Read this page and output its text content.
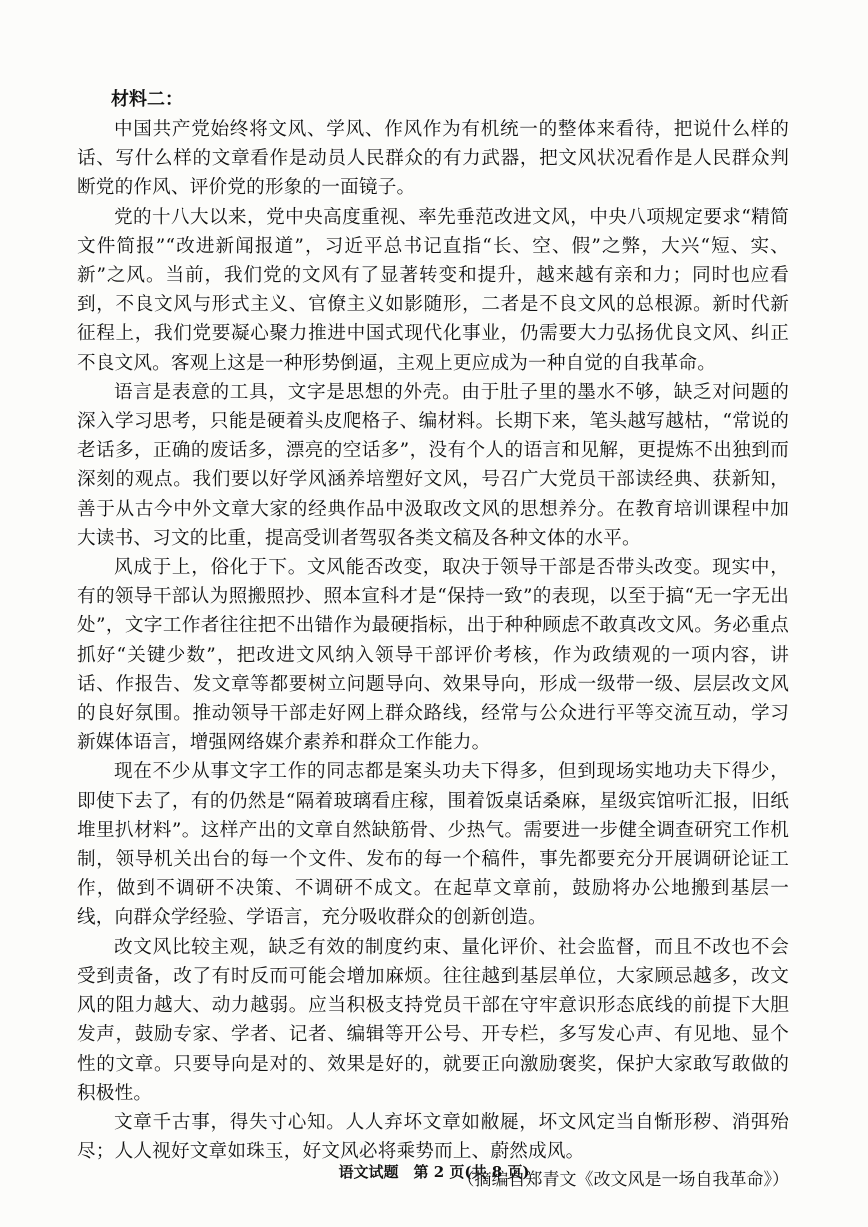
材料二：

中国共产党始终将文风、学风、作风作为有机统一的整体来看待，把说什么样的话、写什么样的文章看作是动员人民群众的有力武器，把文风状况看作是人民群众判断党的作风、评价党的形象的一面镜子。

党的十八大以来，党中央高度重视、率先垂范改进文风，中央八项规定要求“精简文件简报”“改进新闻报道”，习近平总书记直指“长、空、假”之弊，大兴“短、实、新”之风。当前，我们党的文风有了显著转变和提升，越来越有亲和力；同时也应看到，不良文风与形式主义、官僚主义如影随形，二者是不良文风的总根源。新时代新征程上，我们党要凝心聚力推进中国式现代化事业，仍需要大力弘扬优良文风、纠正不良文风。客观上这是一种形势倒逼，主观上更应成为一种自觉的自我革命。

语言是表意的工具，文字是思想的外壳。由于肚子里的墨水不够，缺乏对问题的深入学习思考，只能是硬着头皮爬格子、编材料。长期下来，笔头越写越枯，“常说的老话多，正确的废话多，漂亮的空话多”，没有个人的语言和见解，更提炼不出独到而深刻的观点。我们要以好学风涵养培塑好文风，号召广大党员干部读经典、获新知，善于从古今中外文章大家的经典作品中汲取改文风的思想养分。在教育培训课程中加大读书、习文的比重，提高受训者驾驭各类文稿及各种文体的水平。

风成于上，俗化于下。文风能否改变，取决于领导干部是否带头改变。现实中，有的领导干部认为照搬照抄、照本宣科才是“保持一致”的表现，以至于搞“无一字无出处”，文字工作者往往把不出错作为最硬指标，出于种种顾虑不敢真改文风。务必重点抓好“关键少数”，把改进文风纳入领导干部评价考核，作为政绩观的一项内容，讲话、作报告、发文章等都要树立问题导向、效果导向，形成一级带一级、层层改文风的良好氛围。推动领导干部走好网上群众路线，经常与公众进行平等交流互动，学习新媒体语言，增强网络媒介素养和群众工作能力。

现在不少从事文字工作的同志都是案头功夫下得多，但到现场实地功夫下得少，即使下去了，有的仍然是“隔着玻璃看庄稼，围着饭桌话桑麻，星级宾馆听汇报，旧纸堆里扒材料”。这样产出的文章自然缺筋骨、少热气。需要进一步健全调查研究工作机制，领导机关出台的每一个文件、发布的每一个稿件，事先都要充分开展调研论证工作，做到不调研不决策、不调研不成文。在起草文章前，鼓励将办公地搬到基层一线，向群众学经验、学语言，充分吸收群众的创新创造。

改文风比较主观，缺乏有效的制度约束、量化评价、社会监督，而且不改也不会受到责备，改了有时反而可能会增加麻烦。往往越到基层单位，大家顾忌越多，改文风的阻力越大、动力越弱。应当积极支持党员干部在守牢意识形态底线的前提下大胆发声，鼓励专家、学者、记者、编辑等开公号、开专栏，多写发心声、有见地、显个性的文章。只要导向是对的、效果是好的，就要正向激励褒奖，保护大家敢写敢做的积极性。

文章千古事，得失寸心知。人人弃坏文章如敝屣，坏文风定当自惭形秽、消弭殆尽；人人视好文章如珠玉，好文风必将乘势而上、蔚然成风。

（摘编自郑青文《改文风是一场自我革命》）
语文试题　第 2 页(共 8 页)
